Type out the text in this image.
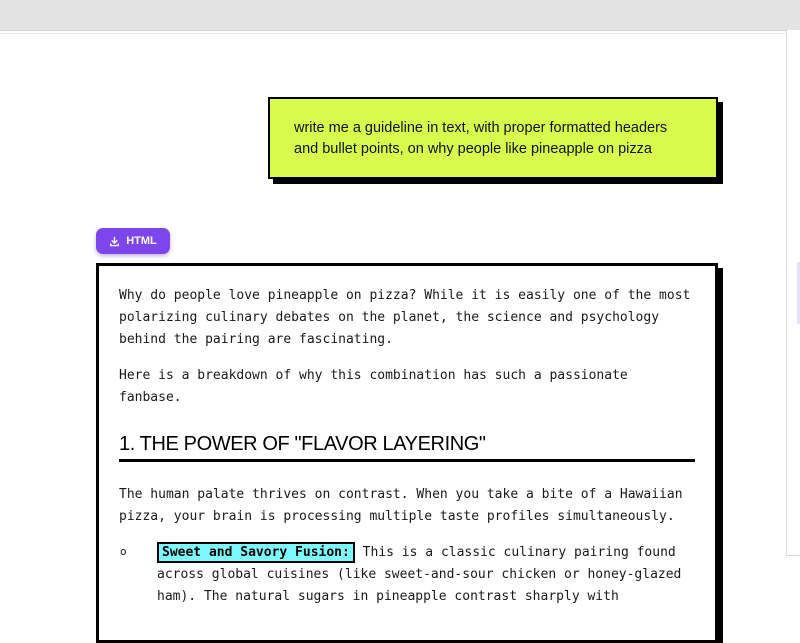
write me a guideline in text, with proper formatted headers

and bullet points, on why people like pineapple on pizza

HTML

Why do people love pineapple on pizza? While it is easily one of the most polarizing culinary debates on the planet, the science and psychology behind the pairing are fascinating.

Here is a breakdown of why this combination has such a passionate fanbase.

1. THE POWER OF "FLAVOR LAYERING"

The human palate thrives on contrast. When you take a bite of a Hawaiian pizza, your brain is processing multiple taste profiles simultaneously.

o	Sweet and Savory Fusion: This is a classic culinary pairing found across global cuisines (like sweet-and-sour chicken or honey-glazed ham). The natural sugars in pineapple contrast sharply with
